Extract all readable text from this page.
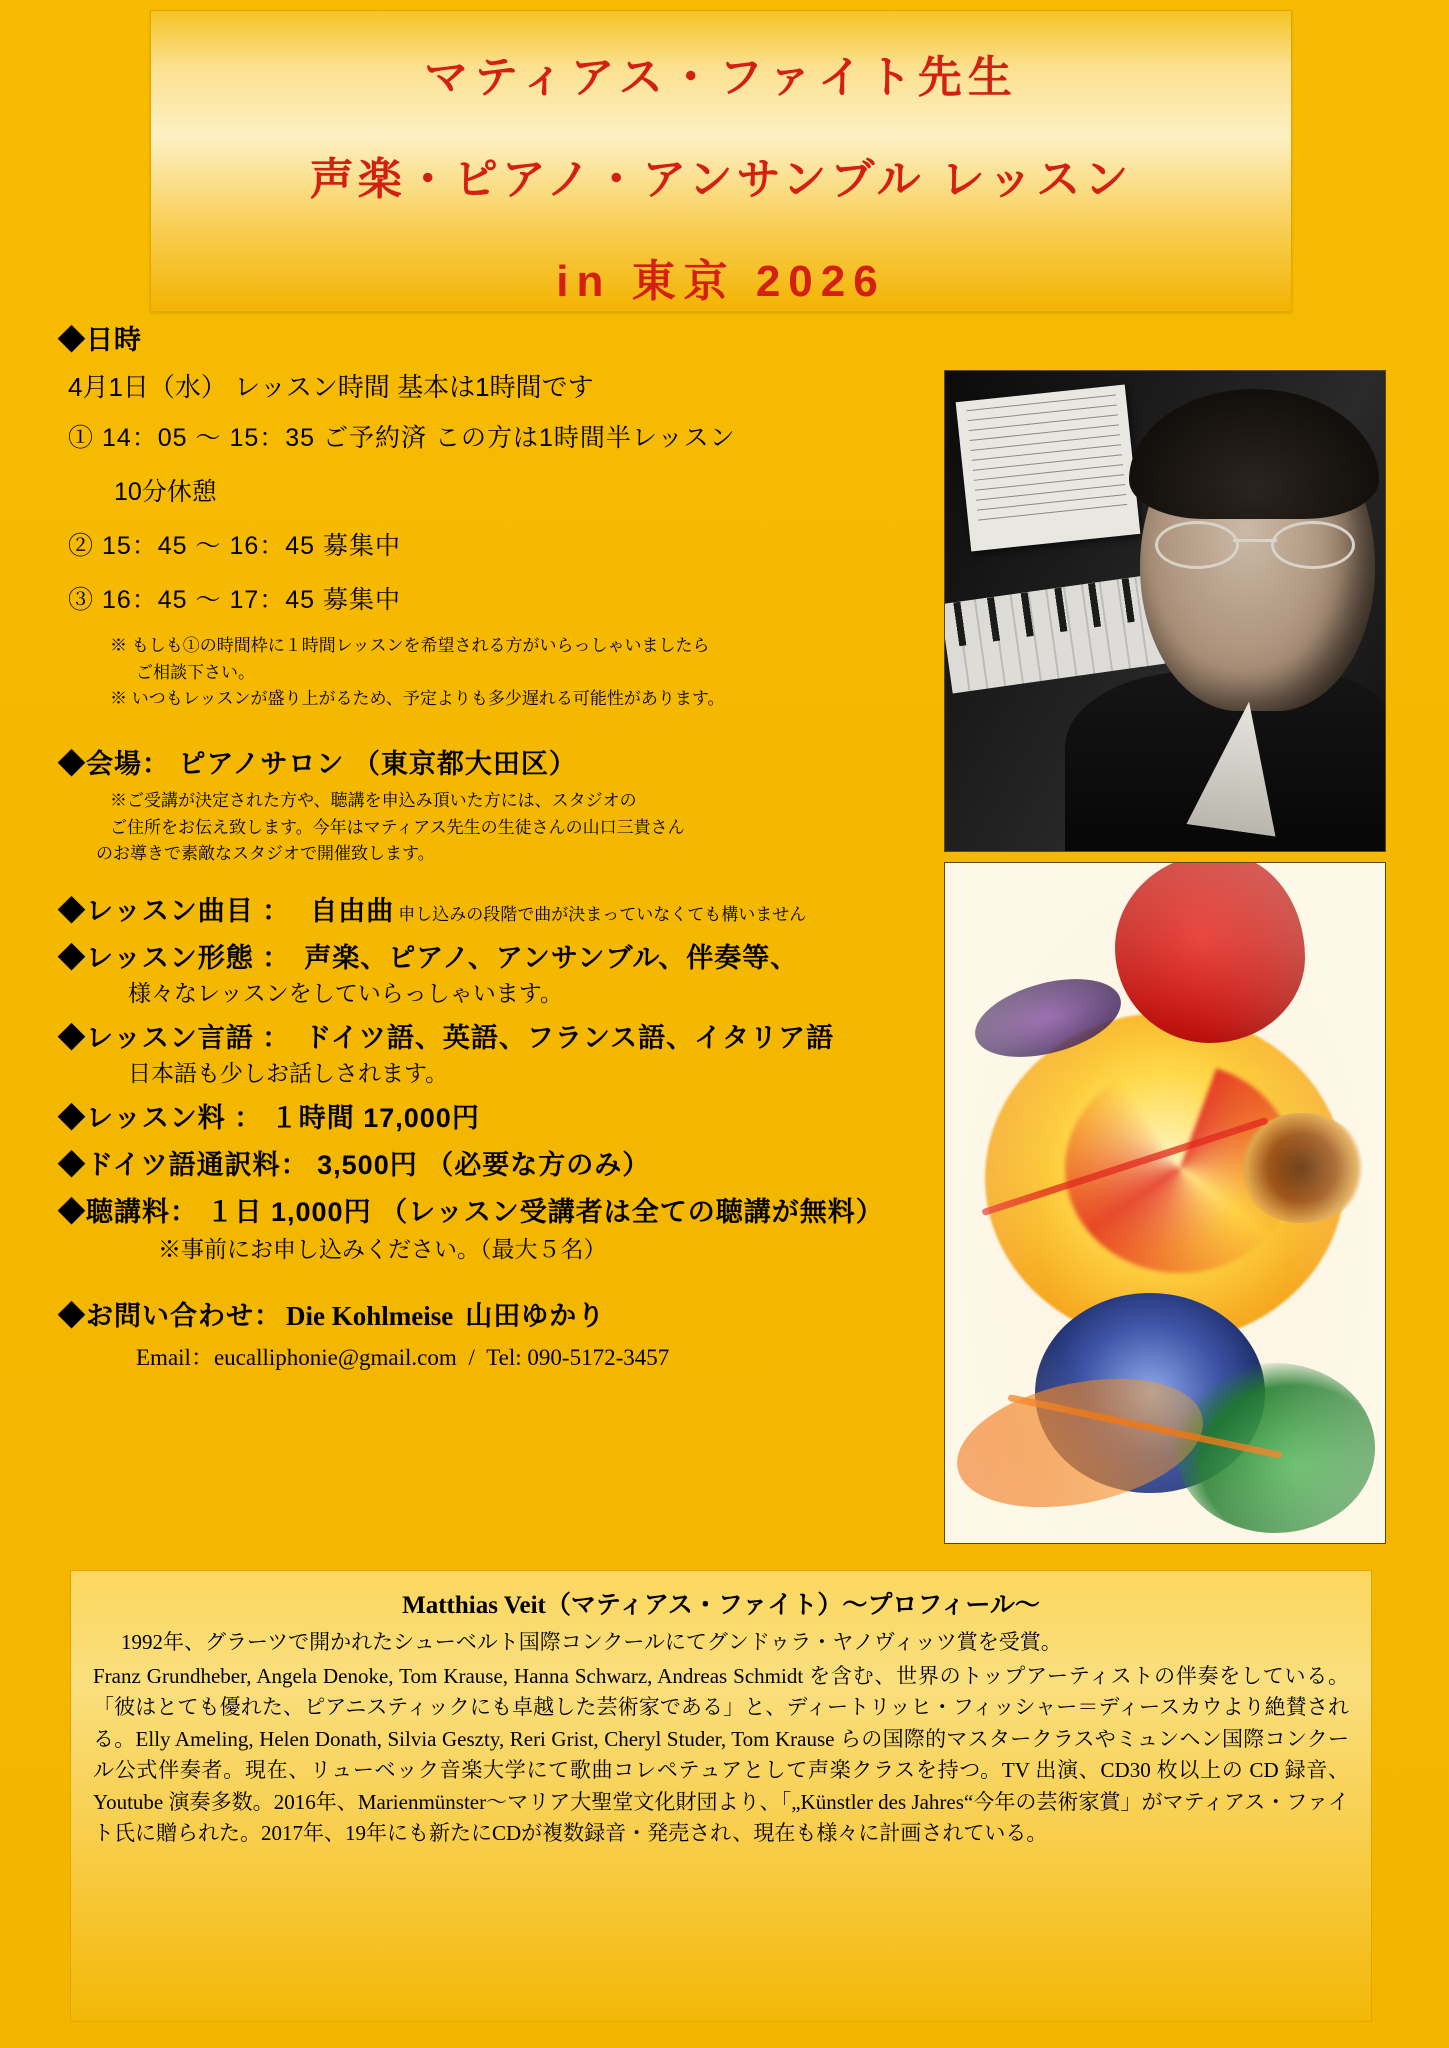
マティアス・ファイト先生
声楽・ピアノ・アンサンブル レッスン
in 東京 2026
◆日時
4月1日（水） レッスン時間 基本は1時間です
① 14：05 〜 15：35 ご予約済 この方は1時間半レッスン
10分休憩
② 15：45 〜 16：45 募集中
③ 16：45 〜 17：45 募集中
※ もしも①の時間枠に１時間レッスンを希望される方がいらっしゃいましたら
ご相談下さい。
※ いつもレッスンが盛り上がるため、予定よりも多少遅れる可能性があります。
◆会場： ピアノサロン （東京都大田区）
※ご受講が決定された方や、聴講を申込み頂いた方には、スタジオの
ご住所をお伝え致します。今年はマティアス先生の生徒さんの山口三貴さん
のお導きで素敵なスタジオで開催致します。
◆レッスン曲目 ： 自由曲 申し込みの段階で曲が決まっていなくても構いません
◆レッスン形態 ： 声楽、ピアノ、アンサンブル、伴奏等、
様々なレッスンをしていらっしゃいます。
◆レッスン言語 ： ドイツ語、英語、フランス語、イタリア語
日本語も少しお話しされます。
◆レッスン料 ： １時間 17,000円
◆ドイツ語通訳料： 3,500円 （必要な方のみ）
◆聴講料： １日 1,000円 （レッスン受講者は全ての聴講が無料）
※事前にお申し込みください。（最大５名）
◆お問い合わせ： Die Kohlmeise 山田ゆかり
Email：eucalliphonie@gmail.com / Tel: 090-5172-3457
Matthias Veit（マティアス・ファイト）〜プロフィール〜

1992年、グラーツで開かれたシューベルト国際コンクールにてグンドゥラ・ヤノヴィッツ賞を受賞。

Franz Grundheber, Angela Denoke, Tom Krause, Hanna Schwarz, Andreas Schmidt を含む、世界のトップアーティストの伴奏をしている。「彼はとても優れた、ピアニスティックにも卓越した芸術家である」と、ディートリッヒ・フィッシャー＝ディースカウより絶賛される。Elly Ameling, Helen Donath, Silvia Geszty, Reri Grist, Cheryl Studer, Tom Krause らの国際的マスタークラスやミュンヘン国際コンクール公式伴奏者。現在、リューベック音楽大学にて歌曲コレペテュアとして声楽クラスを持つ。TV 出演、CD30 枚以上の CD 録音、Youtube 演奏多数。2016年、Marienmünster〜マリア大聖堂文化財団より、「„Künstler des Jahres“今年の芸術家賞」がマティアス・ファイト氏に贈られた。2017年、19年にも新たにCDが複数録音・発売され、現在も様々に計画されている。
